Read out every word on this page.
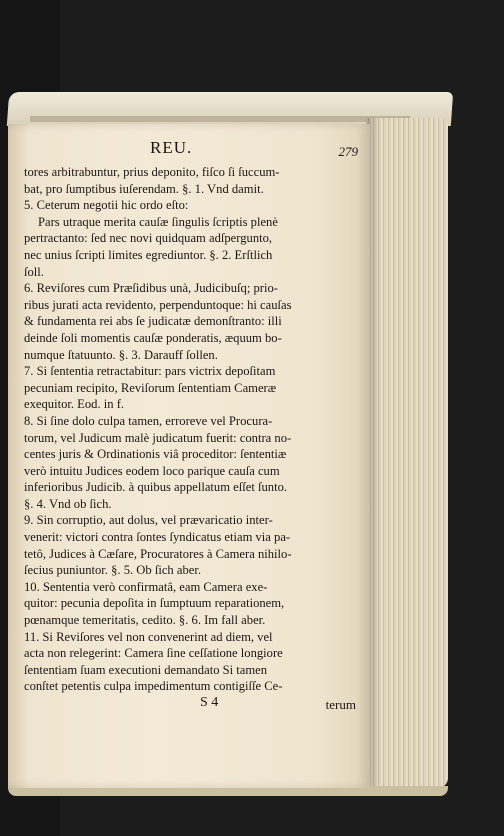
REU.	279
tores arbitrabuntur, prius deponito, fiſco ſi ſuccum-
bat, pro ſumptibus iuſerendam. §. 1. Vnd damit.
5. Ceterum negotii hic ordo eſto:
Pars utraque merita cauſæ ſingulis ſcriptis plenè
pertractanto: ſed nec novi quidquam adſpergunto,
nec unius ſcripti limites egrediuntor. §. 2. Erſtlich
ſoll.
6. Reviſores cum Præſidibus unà, Judicibuſq; prio-
ribus jurati acta revidento, perpenduntoque: hi cauſas
& fundamenta rei abs ſe judicatæ demonſtranto: illi
deinde ſoli momentis cauſæ ponderatis, æquum bo-
numque ſtatuunto. §. 3. Darauff ſollen.
7. Si ſententia retractabitur: pars victrix depoſitam
pecuniam recipito, Reviſorum ſententiam Cameræ
exequitor. Eod. in f.
8. Si ſine dolo culpa tamen, erroreve vel Procura-
torum, vel Judicum malè judicatum fuerit: contra no-
centes juris & Ordinationis viâ proceditor: ſententiæ
verò intuitu Judices eodem loco parique cauſa cum
inferioribus Judicib. à quibus appellatum eſſet ſunto.
§. 4. Vnd ob ſich.
9. Sin corruptio, aut dolus, vel prævaricatio inter-
venerit: victori contra ſontes ſyndicatus etiam via pa-
tetô, Judices à Cæſare, Procuratores à Camera nihilo-
ſecius puniuntor. §. 5. Ob ſich aber.
10. Sententia verò confirmatâ, eam Camera exe-
quitor: pecunia depoſita in ſumptuum reparationem,
pœnamque temeritatis, cedito. §. 6. Im fall aber.
11. Si Reviſores vel non convenerint ad diem, vel
acta non relegerint: Camera ſine ceſſatione longiore
ſententiam ſuam executioni demandato Si tamen
conſtet petentis culpa impedimentum contigiſſe Ce-
S 4	terum
